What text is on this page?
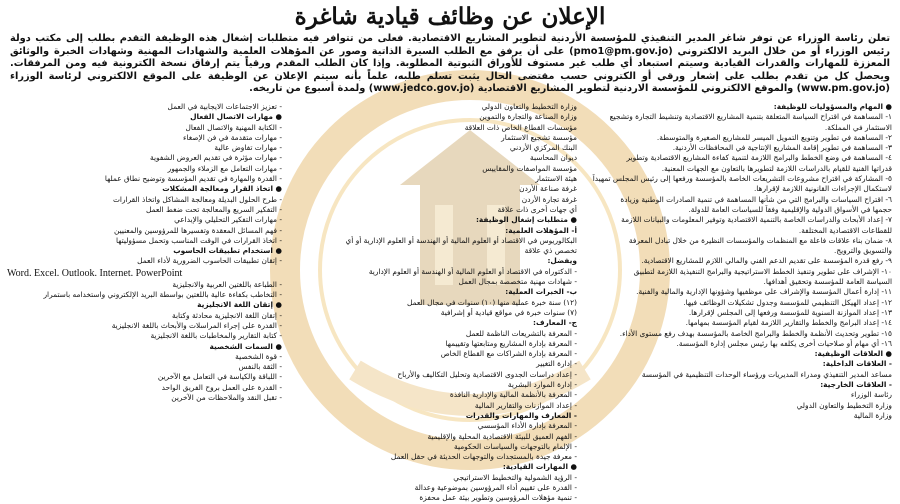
الإعلان عن وظائف قيادية شاغرة

تعلن رئاسة الوزراء عن توفر شاغر المدير التنفيذي للمؤسسة الأردنية لتطوير المشاريع الاقتصادية. فعلى من تتوافر فيه متطلبات إشغال هذه الوظيفة التقدم بطلب إلى مكتب دولة رئيس الوزراء أو من خلال البريد الالكتروني (pmo1@pm.gov.jo) على أن يرفق مع الطلب السيرة الذاتية وصور عن المؤهلات العلمية والشهادات المهنية وشهادات الخبرة والوثائق المعززة للمهارات والقدرات القيادية وسيتم استبعاد أي طلب غير مستوف للأوراق الثبوتية المطلوبة. وإذا كان الطلب المقدم ورقياً يتم إرفاق نسخة الكترونية فيه ومن المرفقات. ويحصل كل من تقدم بطلب على إشعار ورقي أو الكتروني حسب مقتضى الحال يثبت تسلم طلبه، علماً بأنه سيتم الإعلان عن الوظيفة على الموقع الالكتروني لرئاسة الوزراء (www.pm.gov.jo) والموقع الالكتروني للمؤسسة الاردنية لتطوير المشاريع الاقتصادية (www.jedco.gov.jo) ولمدة أسبوع من تاريخه.

● المهام والمسؤوليات للوظيفة:
١- المساهمة في اقتراح السياسة المتعلقة بتنمية المشاريع الاقتصادية وتنشيط التجارة وتشجيع
الاستثمار في المملكة.
٢- المساهمة في تطوير وتنويع التمويل الميسر للمشاريع الصغيرة والمتوسطة.
٣- المساهمة في تطوير إقامة المشاريع الإنتاجية في المحافظات الأردنية.
٤- المساهمة في وضع الخطط والبرامج اللازمة لتنمية كفاءة المشاريع الاقتصادية وتطوير
قدراتها الفنية للقيام بالدراسات اللازمة لتطويرها بالتعاون مع الجهات المعنية.
٥- المشاركة في اقتراح مشروعات التشريعات الخاصة بالمؤسسة ورفعها إلى رئيس المجلس تمهيداً
لاستكمال الإجراءات القانونية اللازمة لإقرارها.
٦- اقتراح السياسات والبرامج التي من شأنها المساهمة في تنمية الصادرات الوطنية وزيادة
حجمها في الأسواق الدولية والإقليمية وفقاً للسياسات العامة للدولة.
٧- إعداد الأبحاث والدراسات الخاصة بالتنمية الاقتصادية وتوفير المعلومات والبيانات اللازمة
للقطاعات الاقتصادية المختلفة.
٨- ضمان بناء علاقات فاعلة مع المنظمات والمؤسسات النظيرة من خلال تبادل المعرفة
والتسويق والترويج.
٩- رفع قدرة المؤسسة على تقديم الدعم الفني والمالي اللازم للمشاريع الاقتصادية.
١٠- الإشراف على تطوير وتنفيذ الخطط الاستراتيجية والبرامج التنفيذية اللازمة لتطبيق
السياسة العامة للمؤسسة وتحقيق أهدافها.
١١- إدارة أعمال المؤسسة والإشراف على موظفيها وشؤونها الإدارية والمالية والفنية.
١٢- إعداد الهيكل التنظيمي للمؤسسة وجدول تشكيلات الوظائف فيها.
١٣- إعداد الموازنة السنوية للمؤسسة ورفعها إلى المجلس لإقرارها.
١٤- إعداد البرامج والخطط والتقارير اللازمة لقيام المؤسسة بمهامها.
١٥- تطوير وتحديث الأنظمة والخطط والبرامج الخاصة بالمؤسسة بهدف رفع مستوى الأداء.
١٦- أي مهام أو صلاحيات أخرى يكلفه بها رئيس مجلس إدارة المؤسسة.
● العلاقات الوظيفية:
- العلاقات الداخلية:
مساعد المدير التنفيذي ومدراء المديريات ورؤساء الوحدات التنظيمية في المؤسسة
- العلاقات الخارجية:
رئاسة الوزراء
وزارة التخطيط والتعاون الدولي
وزارة المالية
وزارة التخطيط والتعاون الدولي
وزارة الصناعة والتجارة والتموين
مؤسسات القطاع الخاص ذات العلاقة
مؤسسة تشجيع الاستثمار
البنك المركزي الأردني
ديوان المحاسبة
مؤسسة المواصفات والمقاييس
هيئة الاستثمار
غرفة صناعة الأردن
غرفة تجارة الأردن
أي جهات أخرى ذات علاقة
● متطلبات إشغال الوظيفة:
أ- المؤهلات العلمية:
البكالوريوس في الاقتصاد أو العلوم المالية أو الهندسة أو العلوم الإدارية أو أي
تخصص ذي علاقة
ويفضل:
- الدكتوراه في الاقتصاد أو العلوم المالية أو الهندسة أو العلوم الإدارية
- شهادات مهنية متخصصة بمجال العمل
ب- الخبرات العملية:
(١٢) سنة خبرة عملية منها (١٠) سنوات في مجال العمل
(٧) سنوات خبرة في مواقع قيادية أو إشرافية
ج- المعارف:
- المعرفة بالتشريعات الناظمة للعمل
- المعرفة بإدارة المشاريع ومتابعتها وتقييمها
- المعرفة بإدارة الشراكات مع القطاع الخاص
- إدارة التغيير
- إعداد دراسات الجدوى الاقتصادية وتحليل التكاليف والأرباح
- إدارة الموارد البشرية
- المعرفة بالأنظمة المالية والإدارية النافذة
- إعداد الموازنات والتقارير المالية
- المعارف والمهارات والقدرات
- المعرفة بإدارة الأداء المؤسسي
- الفهم العميق للبيئة الاقتصادية المحلية والإقليمية
- الإلمام بالتوجهات والسياسات الحكومية
- معرفة جيدة بالمستجدات والتوجهات الحديثة في حقل العمل
● المهارات القيادية:
- الرؤية الشمولية والتخطيط الاستراتيجي
- القدرة على تقييم أداء المرؤوسين بموضوعية وعدالة
- تنمية مؤهلات المرؤوسين وتطوير بيئة عمل محفزة
- تعزيز الاجتماعات الايجابية في العمل
● مهارات الاتصال الفعال
- الكتابة المهنية والاتصال الفعال
- مهارات متقدمة في فن الإصغاء
- مهارات تفاوض عالية
- مهارات مؤثرة في تقديم العروض الشفوية
- مهارات التعامل مع الزملاء والجمهور
- القدرة والمهارة في تقديم المؤسسة وتوضيح نطاق عملها
● اتخاذ القرار ومعالجة المشكلات
- طرح الحلول البديلة ومعالجة المشاكل واتخاذ القرارات
- التفكير السريع والمعالجة تحت ضغط العمل
- مهارات التفكير التحليلي والإبداعي
- فهم المسائل المعقدة وتفسيرها للمرؤوسين والمعنيين
- اتخاذ القرارات في الوقت المناسب وتحمل مسؤوليتها
● استخدام تطبيقات الحاسوب
- إتقان تطبيقات الحاسوب الضرورية لأداء العمل
Word. Excel. Outlook. Internet. PowerPoint
- الطباعة باللغتين العربية والانجليزية
- التخاطب بكفاءة عالية باللغتين بواسطة البريد الإلكتروني واستخدامه باستمرار
● إتقان اللغة الانجليزية
- إتقان اللغة الانجليزية محادثة وكتابة
- القدرة على إجراء المراسلات والأبحاث باللغة الانجليزية
- كتابة التقارير والمخاطبات باللغة الانجليزية
● السمات الشخصية
- قوة الشخصية
- الثقة بالنفس
- اللباقة والكياسة في التعامل مع الآخرين
- القدرة على العمل بروح الفريق الواحد
- تقبل النقد والملاحظات من الآخرين
